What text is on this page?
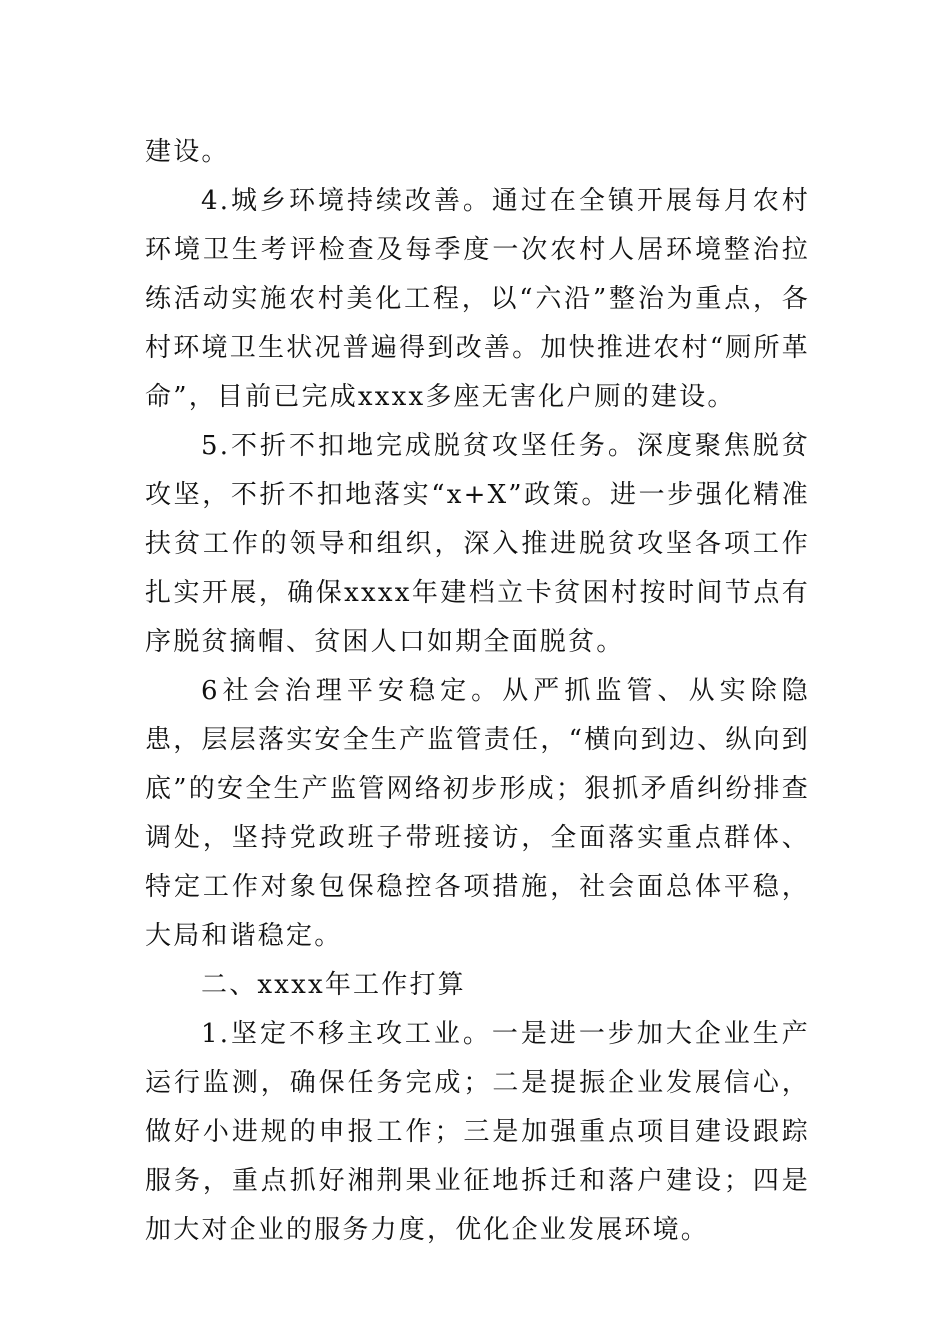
建设。

4.城乡环境持续改善。通过在全镇开展每月农村环境卫生考评检查及每季度一次农村人居环境整治拉练活动实施农村美化工程，以“六沿”整治为重点，各村环境卫生状况普遍得到改善。加快推进农村“厕所革命”，目前已完成xxxx多座无害化户厕的建设。

5.不折不扣地完成脱贫攻坚任务。深度聚焦脱贫攻坚，不折不扣地落实“x+X”政策。进一步强化精准扶贫工作的领导和组织，深入推进脱贫攻坚各项工作扎实开展，确保xxxx年建档立卡贫困村按时间节点有序脱贫摘帽、贫困人口如期全面脱贫。

6社会治理平安稳定。从严抓监管、从实除隐患，层层落实安全生产监管责任，“横向到边、纵向到底”的安全生产监管网络初步形成；狠抓矛盾纠纷排查调处，坚持党政班子带班接访，全面落实重点群体、特定工作对象包保稳控各项措施，社会面总体平稳，大局和谐稳定。

二、xxxx年工作打算

1.坚定不移主攻工业。一是进一步加大企业生产运行监测，确保任务完成；二是提振企业发展信心，做好小进规的申报工作；三是加强重点项目建设跟踪服务，重点抓好湘荆果业征地拆迁和落户建设；四是加大对企业的服务力度，优化企业发展环境。
